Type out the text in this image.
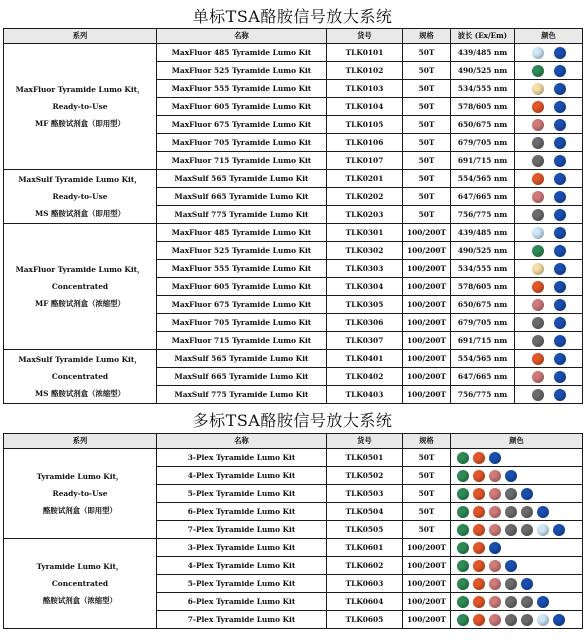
单标TSA酪胺信号放大系统
系列	名称	货号	规格	波长 (Ex/Em)	颜色

MaxFluor Tyramide Lumo Kit，
Ready-to-Use
MF 酪胺试剂盒（即用型）	MaxFluor 485 Tyramide Lumo Kit	TLK0101	50T	439/485 nm	
	MaxFluor 525 Tyramide Lumo Kit	TLK0102	50T	490/525 nm	
	MaxFluor 555 Tyramide Lumo Kit	TLK0103	50T	534/555 nm	
	MaxFluor 605 Tyramide Lumo Kit	TLK0104	50T	578/605 nm	
	MaxFluor 675 Tyramide Lumo Kit	TLK0105	50T	650/675 nm	
	MaxFluor 705 Tyramide Lumo Kit	TLK0106	50T	679/705 nm	
	MaxFluor 715 Tyramide Lumo Kit	TLK0107	50T	691/715 nm	

MaxSulf Tyramide Lumo Kit，
Ready-to-Use
MS 酪胺试剂盒（即用型）	MaxSulf 565 Tyramide Lumo Kit	TLK0201	50T	554/565 nm	
	MaxSulf 665 Tyramide Lumo Kit	TLK0202	50T	647/665 nm	
	MaxSulf 775 Tyramide Lumo Kit	TLK0203	50T	756/775 nm	

MaxFluor Tyramide Lumo Kit，
Concentrated
MF 酪胺试剂盒（浓缩型）	MaxFluor 485 Tyramide Lumo Kit	TLK0301	100/200T	439/485 nm	
	MaxFluor 525 Tyramide Lumo Kit	TLK0302	100/200T	490/525 nm	
	MaxFluor 555 Tyramide Lumo Kit	TLK0303	100/200T	534/555 nm	
	MaxFluor 605 Tyramide Lumo Kit	TLK0304	100/200T	578/605 nm	
	MaxFluor 675 Tyramide Lumo Kit	TLK0305	100/200T	650/675 nm	
	MaxFluor 705 Tyramide Lumo Kit	TLK0306	100/200T	679/705 nm	
	MaxFluor 715 Tyramide Lumo Kit	TLK0307	100/200T	691/715 nm	

MaxSulf Tyramide Lumo Kit，
Concentrated
MS 酪胺试剂盒（浓缩型）	MaxSulf 565 Tyramide Lumo Kit	TLK0401	100/200T	554/565 nm	
	MaxSulf 665 Tyramide Lumo Kit	TLK0402	100/200T	647/665 nm	
	MaxSulf 775 Tyramide Lumo Kit	TLK0403	100/200T	756/775 nm	
多标TSA酪胺信号放大系统
系列	名称	货号	规格	颜色

Tyramide Lumo Kit，
Ready-to-Use
酪胺试剂盒（即用型）	3-Plex Tyramide Lumo Kit	TLK0501	50T	
	4-Plex Tyramide Lumo Kit	TLK0502	50T	
	5-Plex Tyramide Lumo Kit	TLK0503	50T	
	6-Plex Tyramide Lumo Kit	TLK0504	50T	
	7-Plex Tyramide Lumo Kit	TLK0505	50T	

Tyramide Lumo Kit，
Concentrated
酪胺试剂盒（浓缩型）	3-Plex Tyramide Lumo Kit	TLK0601	100/200T	
	4-Plex Tyramide Lumo Kit	TLK0602	100/200T	
	5-Plex Tyramide Lumo Kit	TLK0603	100/200T	
	6-Plex Tyramide Lumo Kit	TLK0604	100/200T	
	7-Plex Tyramide Lumo Kit	TLK0605	100/200T	
